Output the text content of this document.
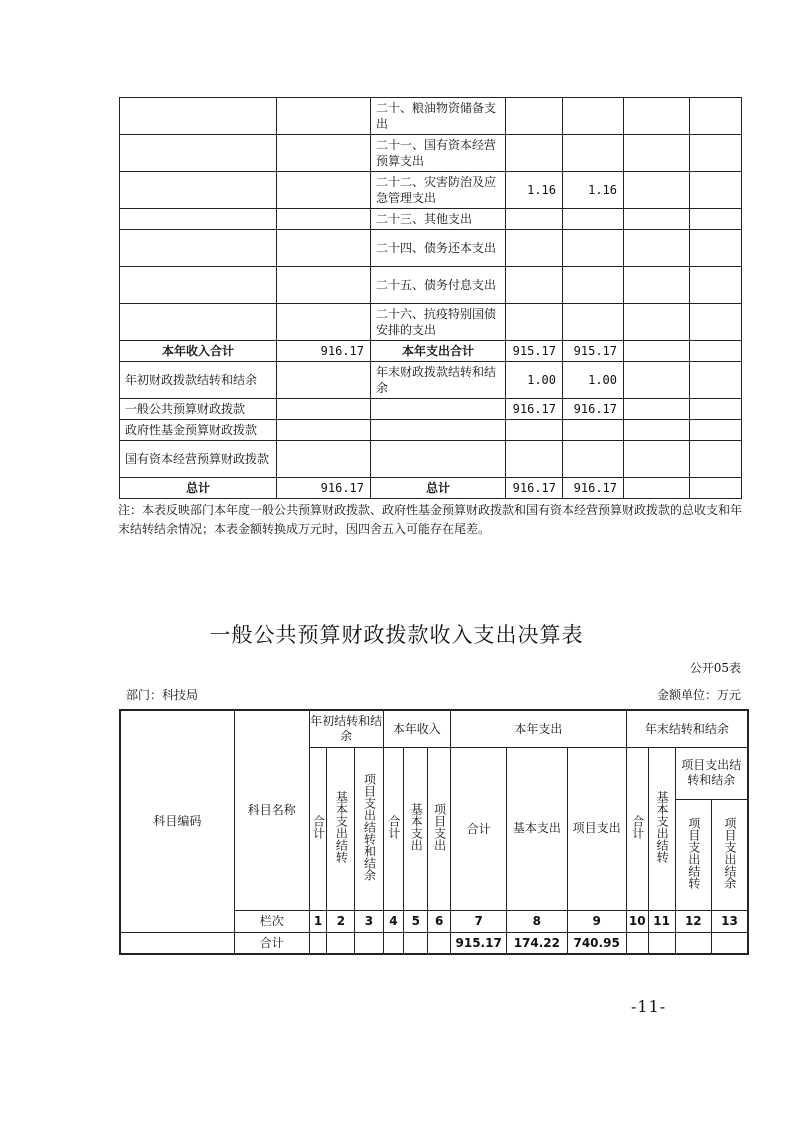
		二十、粮油物资储备支出				
		二十一、国有资本经营预算支出				
		二十二、灾害防治及应急管理支出	1.16	1.16		
		二十三、其他支出				
		二十四、债务还本支出				
		二十五、债务付息支出				
		二十六、抗疫特别国债安排的支出				
本年收入合计	916.17	本年支出合计	915.17	915.17		
年初财政拨款结转和结余		年末财政拨款结转和结余	1.00	1.00		
一般公共预算财政拨款			916.17	916.17		
政府性基金预算财政拨款						
国有资本经营预算财政拨款						
总计	916.17	总计	916.17	916.17		
注：本表反映部门本年度一般公共预算财政拨款、政府性基金预算财政拨款和国有资本经营预算财政拨款的总收支和年末结转结余情况；本表金额转换成万元时，因四舍五入可能存在尾差。
一般公共预算财政拨款收入支出决算表
公开05表
部门：科技局	金额单位：万元
科目编码	科目名称	年初结转和结余			本年收入			本年支出			年末结转和结余			
		合计	基本支出结转	项目支出结转和结余	合计	基本支出	项目支出	合计	基本支出	项目支出	合计	基本支出结转	项目支出结转和结余	
													项目支出结转	项目支出结余
	栏次	1	2	3	4	5	6	7	8	9	10	11	12	13
	合计							915.17	174.22	740.95				
-11-
